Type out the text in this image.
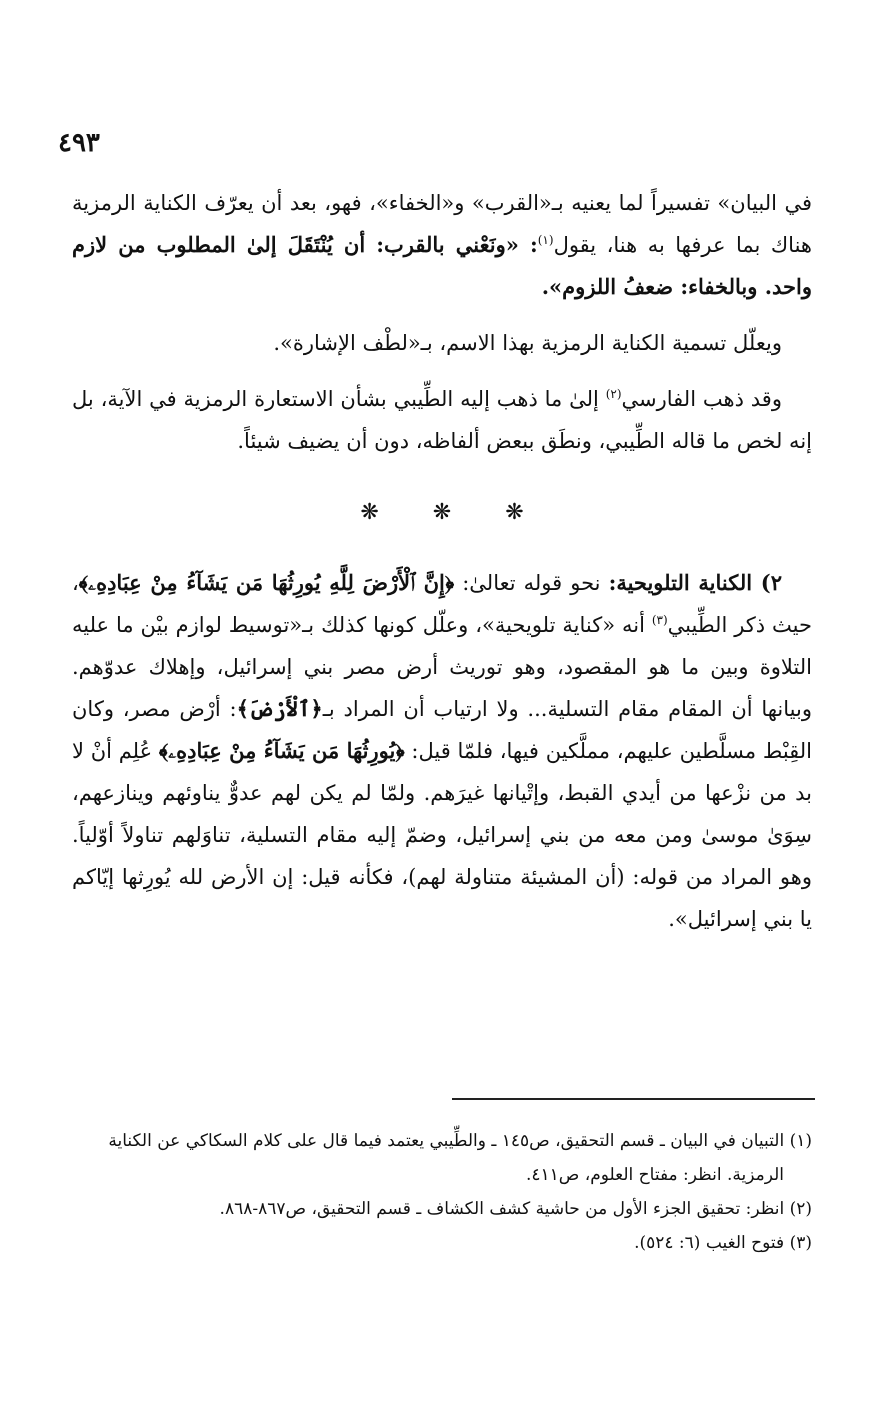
٤٩٣

في البيان» تفسيراً لما يعنيه بـ«القرب» و«الخفاء»، فهو، بعد أن يعرّف الكناية الرمزية هناك بما عرفها به هنا، يقول$^{(١)}$: «ونَعْني بالقرب: أن يُنْتَقَلَ إلىٰ المطلوب من لازم واحد. وبالخفاء: ضعفُ اللزوم».

ويعلّل تسمية الكناية الرمزية بهذا الاسم، بـ«لطْف الإشارة».

وقد ذهب الفارسي$^{(٢)}$ إلىٰ ما ذهب إليه الطِّيبي بشأن الاستعارة الرمزية في الآية، بل إنه لخص ما قاله الطِّيبي، ونطَق ببعض ألفاظه، دون أن يضيف شيئاً.

❋ ❋ ❋

٢) الكناية التلويحية: نحو قوله تعالىٰ: ﴿إِنَّ ٱلْأَرْضَ لِلَّهِ يُورِثُهَا مَن يَشَآءُ مِنْ عِبَادِهِۦ﴾، حيث ذكر الطِّيبي$^{(٣)}$ أنه «كناية تلويحية»، وعلّل كونها كذلك بـ«توسيط لوازم بيْن ما عليه التلاوة وبين ما هو المقصود، وهو توريث أرض مصر بني إسرائيل، وإهلاك عدوّهم. وبيانها أن المقام مقام التسلية... ولا ارتياب أن المراد بـ﴿ٱلْأَرْضَ﴾: أرْض مصر، وكان القِبْط مسلَّطين عليهم، مملَّكين فيها، فلمّا قيل: ﴿يُورِثُهَا مَن يَشَآءُ مِنْ عِبَادِهِۦ﴾ عُلِم أنْ لا بد من نزْعها من أيدي القبط، وإتْيانها غيرَهم. ولمّا لم يكن لهم عدوٌّ يناوئهم وينازعهم، سِوَىٰ موسىٰ ومن معه من بني إسرائيل، وضمّ إليه مقام التسلية، تناوَلهم تناولاً أوّلياً. وهو المراد من قوله: (أن المشيئة متناولة لهم)، فكأنه قيل: إن الأرض لله يُورِثها إيّاكم يا بني إسرائيل».

(١) التبيان في البيان ـ قسم التحقيق، ص١٤٥ ـ والطِّيبي يعتمد فيما قال على كلام السكاكي عن الكناية

الرمزية. انظر: مفتاح العلوم، ص٤١١.

(٢) انظر: تحقيق الجزء الأول من حاشية كشف الكشاف ـ قسم التحقيق، ص٨٦٧-٨٦٨.

(٣) فتوح الغيب (٦: ٥٢٤).
